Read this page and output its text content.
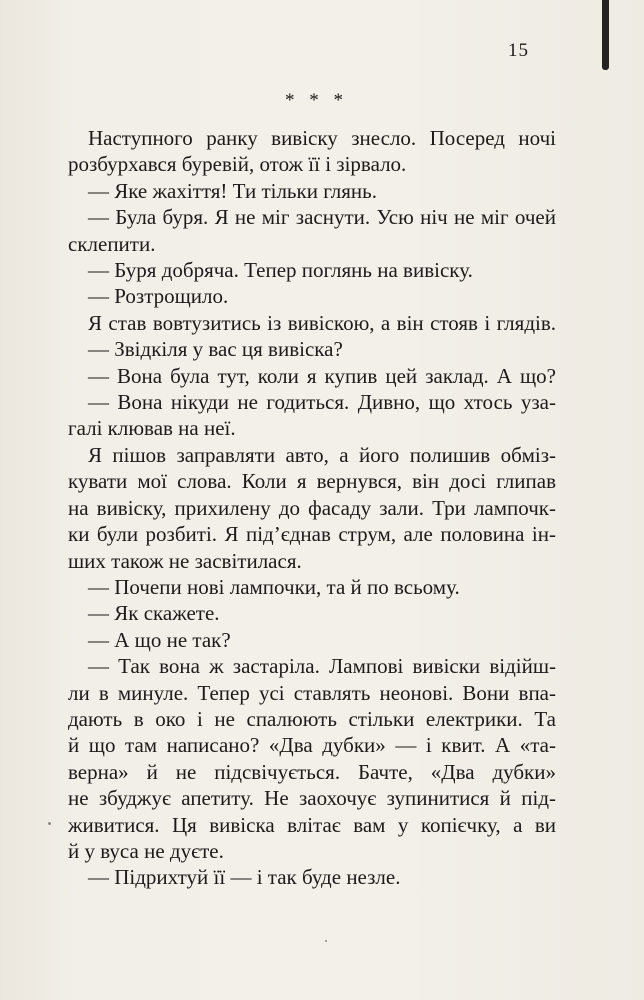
15
* * *
Наступного ранку вивіску знесло. Посеред ночі
розбурхався буревій, отож її і зірвало.
— Яке жахіття! Ти тільки глянь.
— Була буря. Я не міг заснути. Усю ніч не міг очей
склепити.
— Буря добряча. Тепер поглянь на вивіску.
— Розтрощило.
Я став вовтузитись із вивіскою, а він стояв і глядів.
— Звідкіля у вас ця вивіска?
— Вона була тут, коли я купив цей заклад. А що?
— Вона нікуди не годиться. Дивно, що хтось уза-
галі клював на неї.
Я пішов заправляти авто, а його полишив обміз-
кувати мої слова. Коли я вернувся, він досі глипав
на вивіску, прихилену до фасаду зали. Три лампочк-
ки були розбиті. Я під’єднав струм, але половина ін-
ших також не засвітилася.
— Почепи нові лампочки, та й по всьому.
— Як скажете.
— А що не так?
— Так вона ж застаріла. Лампові вивіски відійш-
ли в минуле. Тепер усі ставлять неонові. Вони впа-
дають в око і не спалюють стільки електрики. Та
й що там написано? «Два дубки» — і квит. А «та-
верна» й не підсвічується. Бачте, «Два дубки»
не збуджує апетиту. Не заохочує зупинитися й під-
живитися. Ця вивіска влітає вам у копієчку, а ви
й у вуса не дуєте.
— Підрихтуй її — і так буде незле.
